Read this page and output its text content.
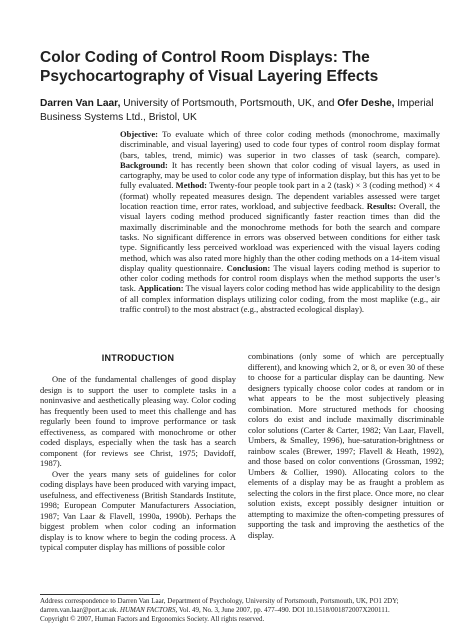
Color Coding of Control Room Displays: The Psychocartography of Visual Layering Effects
Darren Van Laar, University of Portsmouth, Portsmouth, UK, and Ofer Deshe, Imperial Business Systems Ltd., Bristol, UK
Objective: To evaluate which of three color coding methods (monochrome, maximally discriminable, and visual layering) used to code four types of control room display format (bars, tables, trend, mimic) was superior in two classes of task (search, compare). Background: It has recently been shown that color coding of visual layers, as used in cartography, may be used to color code any type of information display, but this has yet to be fully evaluated. Method: Twenty-four people took part in a 2 (task) × 3 (coding method) × 4 (format) wholly repeated measures design. The dependent variables assessed were target location reaction time, error rates, workload, and subjective feedback. Results: Overall, the visual layers coding method produced significantly faster reaction times than did the maximally discriminable and the monochrome methods for both the search and compare tasks. No significant difference in errors was observed between conditions for either task type. Significantly less perceived workload was experienced with the visual layers coding method, which was also rated more highly than the other coding methods on a 14-item visual display quality questionnaire. Conclusion: The visual layers coding method is superior to other color coding methods for control room displays when the method supports the user’s task. Application: The visual layers color coding method has wide applicability to the design of all complex information displays utilizing color coding, from the most maplike (e.g., air traffic control) to the most abstract (e.g., abstracted ecological display).
INTRODUCTION

One of the fundamental challenges of good display design is to support the user to complete tasks in a noninvasive and aesthetically pleasing way. Color coding has frequently been used to meet this challenge and has regularly been found to improve performance or task effectiveness, as compared with monochrome or other coded displays, especially when the task has a search component (for reviews see Christ, 1975; Davidoff, 1987).

Over the years many sets of guidelines for color coding displays have been produced with varying impact, usefulness, and effectiveness (British Standards Institute, 1998; European Computer Manufacturers Association, 1987; Van Laar & Flavell, 1990a, 1990b). Perhaps the biggest problem when color coding an information display is to know where to begin the coding process. A typical computer display has millions of possible color

combinations (only some of which are perceptually different), and knowing which 2, or 8, or even 30 of these to choose for a particular display can be daunting. New designers typically choose color codes at random or in what appears to be the most subjectively pleasing combination. More structured methods for choosing colors do exist and include maximally discriminable color solutions (Carter & Carter, 1982; Van Laar, Flavell, Umbers, & Smalley, 1996), hue-saturation-brightness or rainbow scales (Brewer, 1997; Flavell & Heath, 1992), and those based on color conventions (Grossman, 1992; Umbers & Collier, 1990). Allocating colors to the elements of a display may be as fraught a problem as selecting the colors in the first place. Once more, no clear solution exists, except possibly designer intuition or attempting to maximize the often-competing pressures of supporting the task and improving the aesthetics of the display.

Address correspondence to Darren Van Laar, Department of Psychology, University of Portsmouth, Portsmouth, UK, PO1 2DY; darren.van.laar@port.ac.uk. HUMAN FACTORS, Vol. 49, No. 3, June 2007, pp. 477–490. DOI 10.1518/001872007X200111.
Copyright © 2007, Human Factors and Ergonomics Society. All rights reserved.
